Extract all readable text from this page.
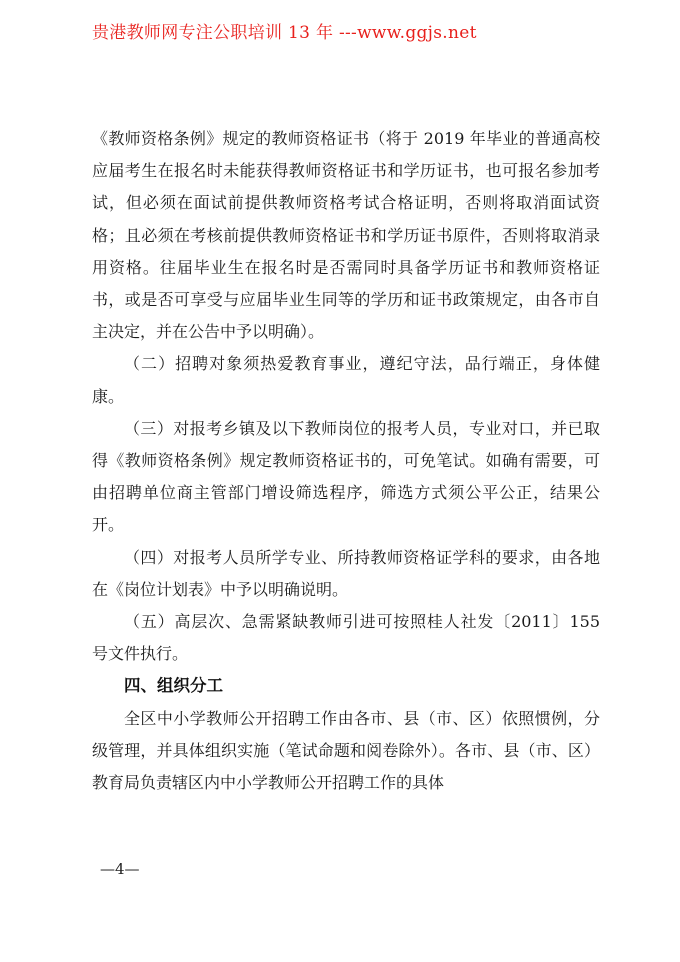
贵港教师网专注公职培训 13 年 ---www.ggjs.net

《教师资格条例》规定的教师资格证书（将于 2019 年毕业的普通高校应届考生在报名时未能获得教师资格证书和学历证书，也可报名参加考试，但必须在面试前提供教师资格考试合格证明，否则将取消面试资格；且必须在考核前提供教师资格证书和学历证书原件，否则将取消录用资格。往届毕业生在报名时是否需同时具备学历证书和教师资格证书，或是否可享受与应届毕业生同等的学历和证书政策规定，由各市自主决定，并在公告中予以明确）。

（二）招聘对象须热爱教育事业，遵纪守法，品行端正，身体健康。

（三）对报考乡镇及以下教师岗位的报考人员，专业对口，并已取得《教师资格条例》规定教师资格证书的，可免笔试。如确有需要，可由招聘单位商主管部门增设筛选程序，筛选方式须公平公正，结果公开。

（四）对报考人员所学专业、所持教师资格证学科的要求，由各地在《岗位计划表》中予以明确说明。

（五）高层次、急需紧缺教师引进可按照桂人社发〔2011〕155 号文件执行。

四、组织分工

全区中小学教师公开招聘工作由各市、县（市、区）依照惯例，分级管理，并具体组织实施（笔试命题和阅卷除外）。各市、县（市、区）教育局负责辖区内中小学教师公开招聘工作的具体

—4—
